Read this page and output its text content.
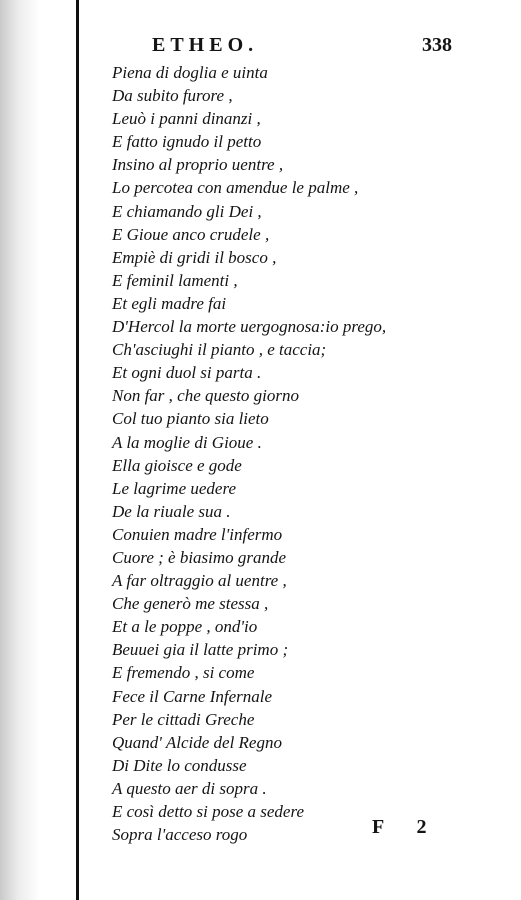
ETHEO.	338
Piena di doglia e uinta
Da subito furore ,
Leuò i panni dinanzi ,
E fatto ignudo il petto
Insino al proprio uentre ,
Lo percotea con amendue le palme ,
E chiamando gli Dei ,
E Gioue anco crudele ,
Empiè di gridi il bosco ,
E feminil lamenti ,
Et egli madre fai
D'Hercol la morte uergognosa:io prego,
Ch'asciughi il pianto , e taccia;
Et ogni duol si parta .
Non far , che questo giorno
Col tuo pianto sia lieto
A la moglie di Gioue .
Ella gioisce e gode
Le lagrime uedere
De la riuale sua .
Conuien madre l'infermo
Cuore ; è biasimo grande
A far oltraggio al uentre ,
Che generò me stessa ,
Et a le poppe , ond'io
Beuuei gia il latte primo ;
E fremendo , si come
Fece il Carne Infernale
Per le cittadi Greche
Quand' Alcide del Regno
Di Dite lo condusse
A questo aer di sopra .
E così detto si pose a sedere
Sopra l'acceso rogo	F 2
